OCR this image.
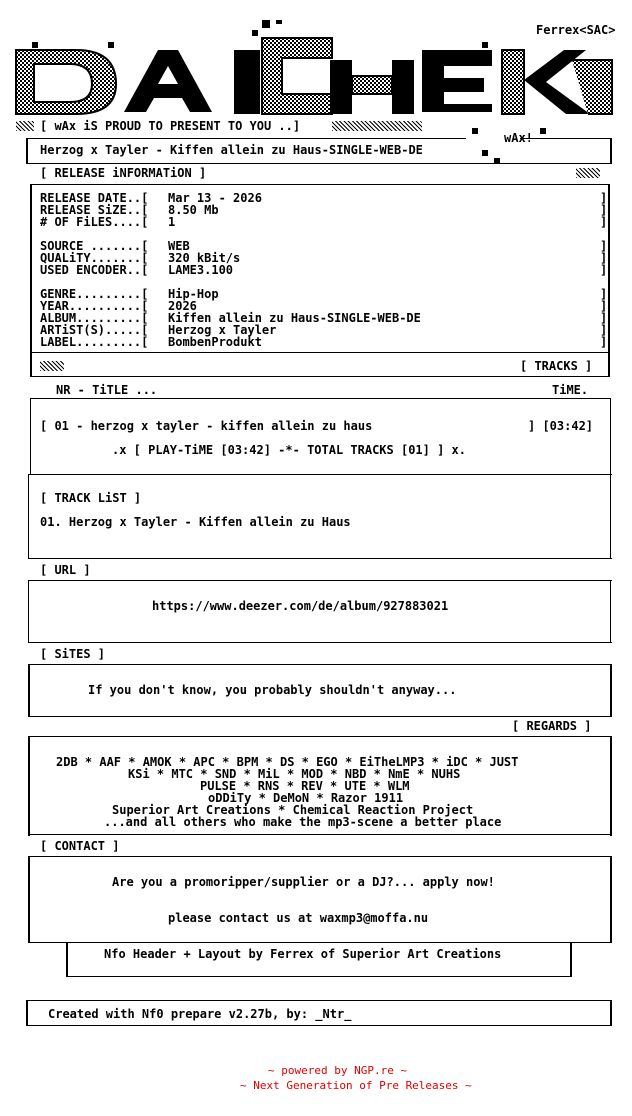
Ferrex<SAC>
[ wAx iS PROUD TO PRESENT TO YOU ..]
wAx!
Herzog x Tayler - Kiffen allein zu Haus-SINGLE-WEB-DE
[ RELEASE iNFORMATiON ]
RELEASE DATE..[ Mar 13 - 2026
RELEASE SiZE..[ 8.50 Mb
# OF FiLES....[ 1
SOURCE .......[ WEB
QUALiTY.......[ 320 kBit/s
USED ENCODER..[ LAME3.100
GENRE.........[ Hip-Hop
YEAR..........[ 2026
ALBUM.........[ Kiffen allein zu Haus-SINGLE-WEB-DE
ARTiST(S).....[ Herzog x Tayler
LABEL.........[ BombenProdukt
]
]
]
]
]
]
]
]
]
]
]
[ TRACKS ]
NR - TiTLE ...	TiME.
[ 01 - herzog x tayler - kiffen allein zu haus	] [03:42]
.x [ PLAY-TiME [03:42] -*- TOTAL TRACKS [01] ] x.
[ TRACK LiST ]
01. Herzog x Tayler - Kiffen allein zu Haus
[ URL ]
https://www.deezer.com/de/album/927883021
[ SiTES ]
If you don't know, you probably shouldn't anyway...
[ REGARDS ]
2DB * AAF * AMOK * APC * BPM * DS * EGO * EiTheLMP3 * iDC * JUST
KSi * MTC * SND * MiL * MOD * NBD * NmE * NUHS
PULSE * RNS * REV * UTE * WLM
oDDiTy * DeMoN * Razor 1911
Superior Art Creations * Chemical Reaction Project
...and all others who make the mp3-scene a better place
[ CONTACT ]
Are you a promoripper/supplier or a DJ?... apply now!
please contact us at waxmp3@moffa.nu
Nfo Header + Layout by Ferrex of Superior Art Creations
Created with Nf0 prepare v2.27b, by: _Ntr_
~ powered by NGP.re ~
~ Next Generation of Pre Releases ~
